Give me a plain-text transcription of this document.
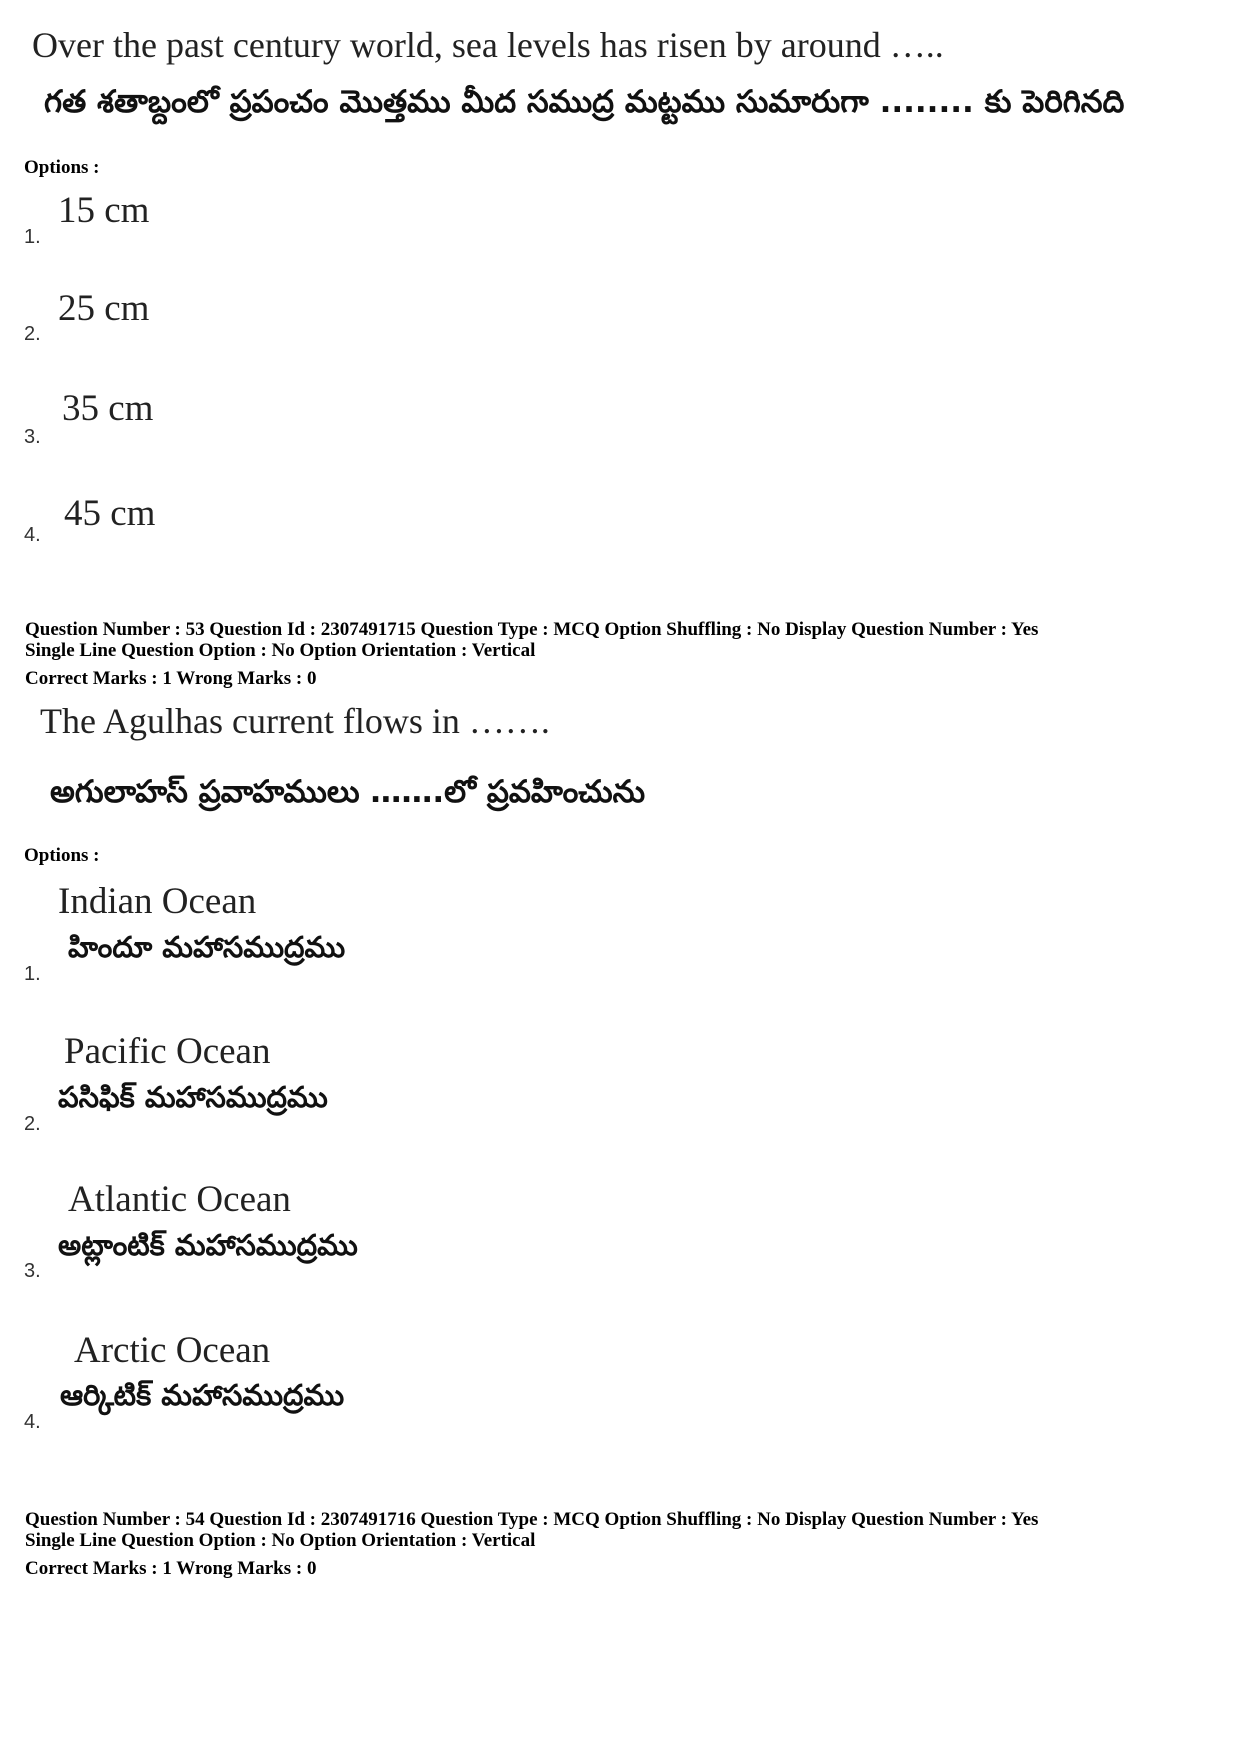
Over the past century world, sea levels has risen by around …..
గత శతాబ్దంలో ప్రపంచం మొత్తము మీద సముద్ర మట్టము సుమారుగా ........ కు పెరిగినది
Options :
15 cm
1.
25 cm
2.
35 cm
3.
45 cm
4.
Question Number : 53 Question Id : 2307491715 Question Type : MCQ Option Shuffling : No Display Question Number : Yes
Single Line Question Option : No Option Orientation : Vertical
Correct Marks : 1 Wrong Marks : 0
The Agulhas current flows in …….
అగులాహస్ ప్రవాహములు …….లో ప్రవహించును
Options :
Indian Ocean
హిందూ మహాసముద్రము
1.
Pacific Ocean
పసిఫిక్ మహాసముద్రము
2.
Atlantic Ocean
అట్లాంటిక్ మహాసముద్రము
3.
Arctic Ocean
ఆర్కిటిక్ మహాసముద్రము
4.
Question Number : 54 Question Id : 2307491716 Question Type : MCQ Option Shuffling : No Display Question Number : Yes
Single Line Question Option : No Option Orientation : Vertical
Correct Marks : 1 Wrong Marks : 0
